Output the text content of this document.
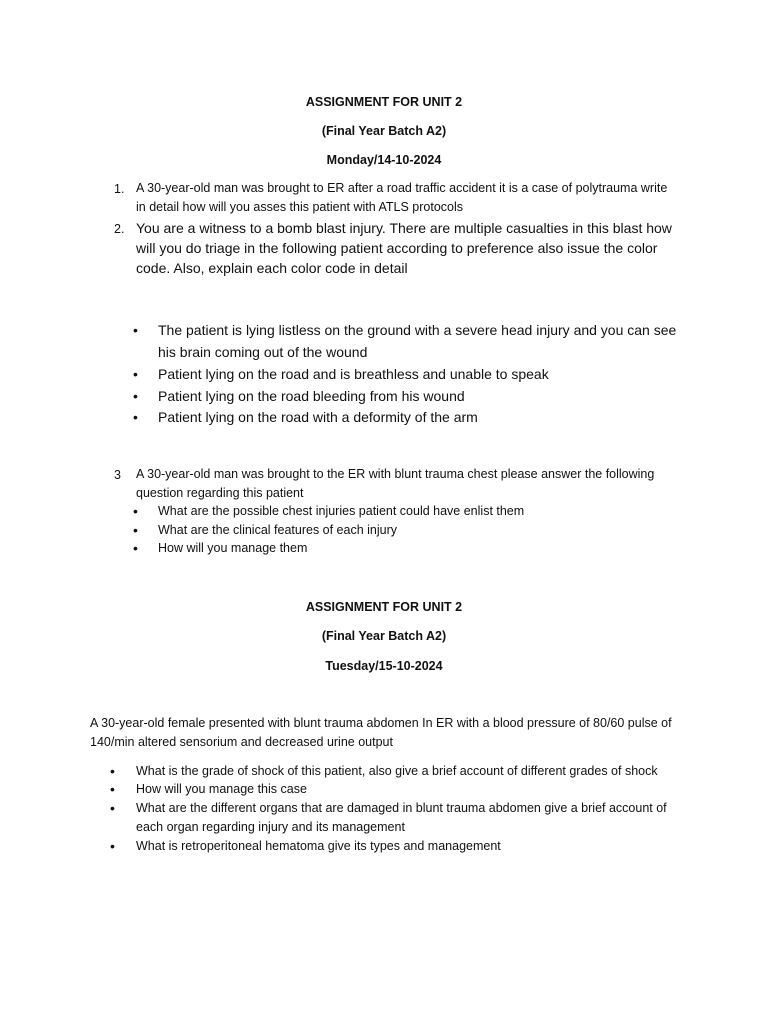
ASSIGNMENT FOR UNIT 2
(Final Year Batch A2)
Monday/14-10-2024
1. A 30-year-old man was brought to ER after a road traffic accident it is a case of polytrauma write in detail how will you asses this patient with ATLS protocols
2. You are a witness to a bomb blast injury. There are multiple casualties in this blast how will you do triage in the following patient according to preference also issue the color code. Also, explain each color code in detail
• The patient is lying listless on the ground with a severe head injury and you can see his brain coming out of the wound
• Patient lying on the road and is breathless and unable to speak
• Patient lying on the road bleeding from his wound
• Patient lying on the road with a deformity of the arm
3 A 30-year-old man was brought to the ER with blunt trauma chest please answer the following question regarding this patient
• What are the possible chest injuries patient could have enlist them
• What are the clinical features of each injury
• How will you manage them
ASSIGNMENT FOR UNIT 2
(Final Year Batch A2)
Tuesday/15-10-2024
A 30-year-old female presented with blunt trauma abdomen In ER with a blood pressure of 80/60 pulse of 140/min altered sensorium and decreased urine output
• What is the grade of shock of this patient, also give a brief account of different grades of shock
• How will you manage this case
• What are the different organs that are damaged in blunt trauma abdomen give a brief account of each organ regarding injury and its management
• What is retroperitoneal hematoma give its types and management
